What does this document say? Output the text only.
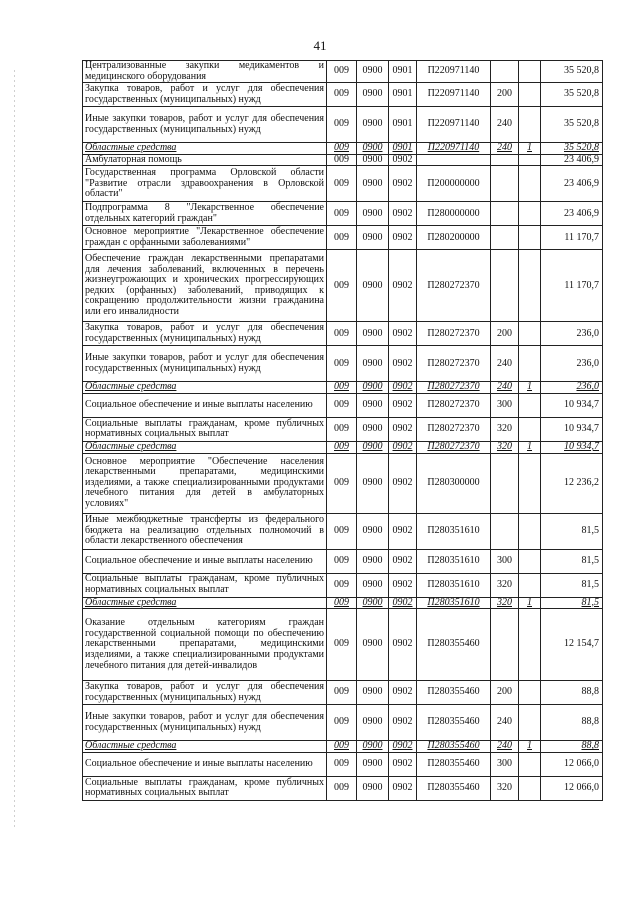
41
Централизованные закупки медикаментов и медицинского оборудования	009	0900	0901	П220971140			35 520,8
Закупка товаров, работ и услуг для обеспечения государственных (муниципальных) нужд	009	0900	0901	П220971140	200		35 520,8
Иные закупки товаров, работ и услуг для обеспечения государственных (муниципальных) нужд	009	0900	0901	П220971140	240		35 520,8
Областные средства	009	0900	0901	П220971140	240	1	35 520,8
Амбулаторная помощь	009	0900	0902				23 406,9
Государственная программа Орловской области "Развитие отрасли здравоохранения в Орловской области"	009	0900	0902	П200000000			23 406,9
Подпрограмма 8 "Лекарственное обеспечение отдельных категорий граждан"	009	0900	0902	П280000000			23 406,9
Основное мероприятие "Лекарственное обеспечение граждан с орфанными заболеваниями"	009	0900	0902	П280200000			11 170,7
Обеспечение граждан лекарственными препаратами для лечения заболеваний, включенных в перечень жизнеугрожающих и хронических прогрессирующих редких (орфанных) заболеваний, приводящих к сокращению продолжительности жизни гражданина или его инвалидности	009	0900	0902	П280272370			11 170,7
Закупка товаров, работ и услуг для обеспечения государственных (муниципальных) нужд	009	0900	0902	П280272370	200		236,0
Иные закупки товаров, работ и услуг для обеспечения государственных (муниципальных) нужд	009	0900	0902	П280272370	240		236,0
Областные средства	009	0900	0902	П280272370	240	1	236,0
Социальное обеспечение и иные выплаты населению	009	0900	0902	П280272370	300		10 934,7
Социальные выплаты гражданам, кроме публичных нормативных социальных выплат	009	0900	0902	П280272370	320		10 934,7
Областные средства	009	0900	0902	П280272370	320	1	10 934,7
Основное мероприятие "Обеспечение населения лекарственными препаратами, медицинскими изделиями, а также специализированными продуктами лечебного питания для детей в амбулаторных условиях"	009	0900	0902	П280300000			12 236,2
Иные межбюджетные трансферты из федерального бюджета на реализацию отдельных полномочий в области лекарственного обеспечения	009	0900	0902	П280351610			81,5
Социальное обеспечение и иные выплаты населению	009	0900	0902	П280351610	300		81,5
Социальные выплаты гражданам, кроме публичных нормативных социальных выплат	009	0900	0902	П280351610	320		81,5
Областные средства	009	0900	0902	П280351610	320	1	81,5
Оказание отдельным категориям граждан государственной социальной помощи по обеспечению лекарственными препаратами, медицинскими изделиями, а также специализированными продуктами лечебного питания для детей-инвалидов	009	0900	0902	П280355460			12 154,7
Закупка товаров, работ и услуг для обеспечения государственных (муниципальных) нужд	009	0900	0902	П280355460	200		88,8
Иные закупки товаров, работ и услуг для обеспечения государственных (муниципальных) нужд	009	0900	0902	П280355460	240		88,8
Областные средства	009	0900	0902	П280355460	240	1	88,8
Социальное обеспечение и иные выплаты населению	009	0900	0902	П280355460	300		12 066,0
Социальные выплаты гражданам, кроме публичных нормативных социальных выплат	009	0900	0902	П280355460	320		12 066,0
